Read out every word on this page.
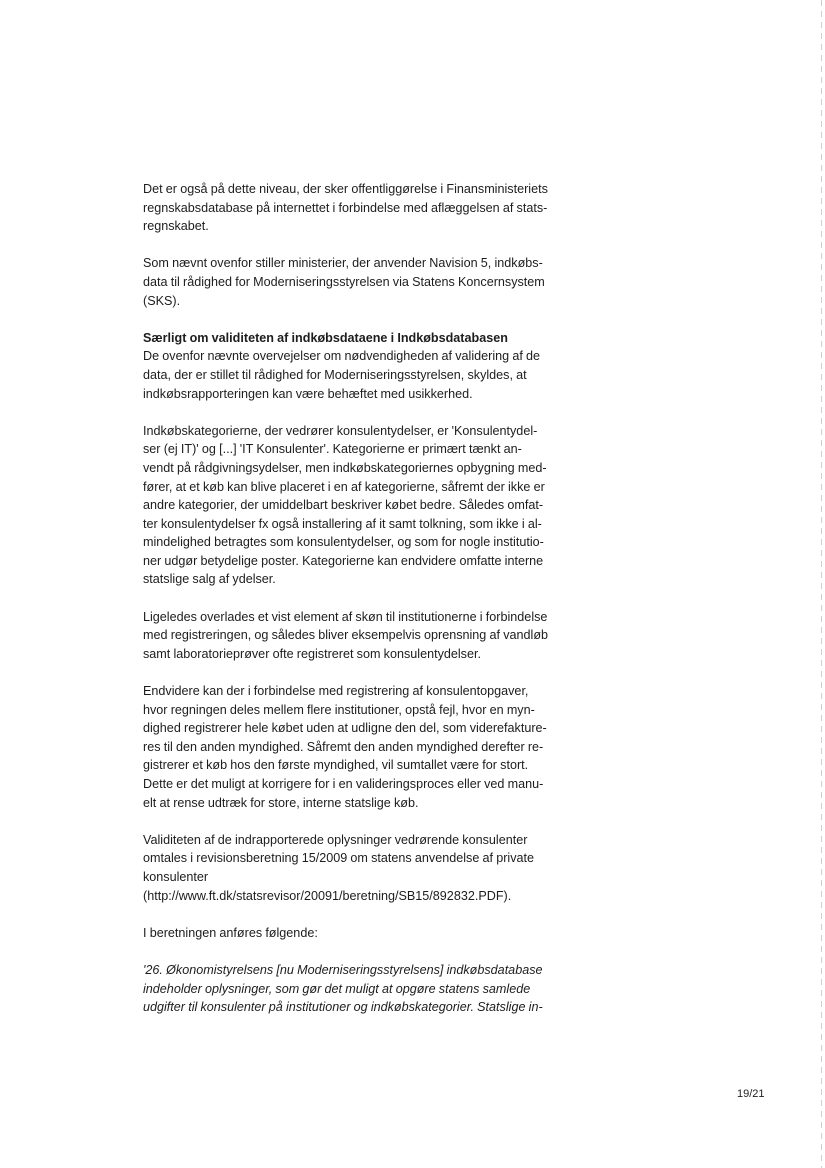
Det er også på dette niveau, der sker offentliggørelse i Finansministeriets
regnskabsdatabase på internettet i forbindelse med aflæggelsen af stats-
regnskabet.

Som nævnt ovenfor stiller ministerier, der anvender Navision 5, indkøbs-
data til rådighed for Moderniseringsstyrelsen via Statens Koncernsystem
(SKS).

Særligt om validiteten af indkøbsdataene i Indkøbsdatabasen
De ovenfor nævnte overvejelser om nødvendigheden af validering af de
data, der er stillet til rådighed for Moderniseringsstyrelsen, skyldes, at
indkøbsrapporteringen kan være behæftet med usikkerhed.

Indkøbskategorierne, der vedrører konsulentydelser, er 'Konsulentydel-
ser (ej IT)' og [...] 'IT Konsulenter'. Kategorierne er primært tænkt an-
vendt på rådgivningsydelser, men indkøbskategoriernes opbygning med-
fører, at et køb kan blive placeret i en af kategorierne, såfremt der ikke er
andre kategorier, der umiddelbart beskriver købet bedre. Således omfat-
ter konsulentydelser fx også installering af it samt tolkning, som ikke i al-
mindelighed betragtes som konsulentydelser, og som for nogle institutio-
ner udgør betydelige poster. Kategorierne kan endvidere omfatte interne
statslige salg af ydelser.

Ligeledes overlades et vist element af skøn til institutionerne i forbindelse
med registreringen, og således bliver eksempelvis oprensning af vandløb
samt laboratorieprøver ofte registreret som konsulentydelser.

Endvidere kan der i forbindelse med registrering af konsulentopgaver,
hvor regningen deles mellem flere institutioner, opstå fejl, hvor en myn-
dighed registrerer hele købet uden at udligne den del, som viderefakture-
res til den anden myndighed. Såfremt den anden myndighed derefter re-
gistrerer et køb hos den første myndighed, vil sumtallet være for stort.
Dette er det muligt at korrigere for i en valideringsproces eller ved manu-
elt at rense udtræk for store, interne statslige køb.

Validiteten af de indrapporterede oplysninger vedrørende konsulenter
omtales i revisionsberetning 15/2009 om statens anvendelse af private
konsulenter
(http://www.ft.dk/statsrevisor/20091/beretning/SB15/892832.PDF).

I beretningen anføres følgende:

'26. Økonomistyrelsens [nu Moderniseringsstyrelsens] indkøbsdatabase
indeholder oplysninger, som gør det muligt at opgøre statens samlede
udgifter til konsulenter på institutioner og indkøbskategorier. Statslige in-

19/21
